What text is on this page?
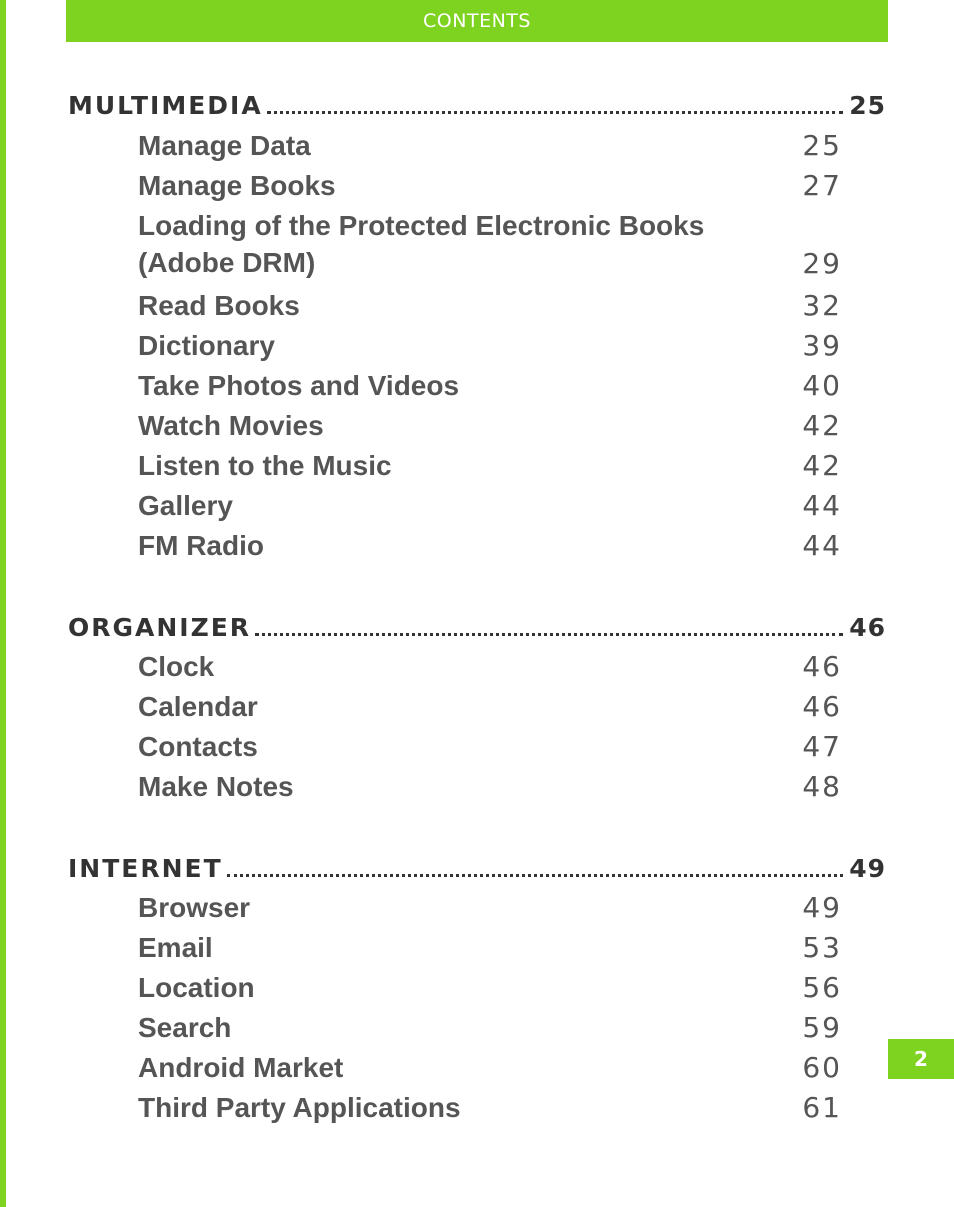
CONTENTS
MULTIMEDIA	25
Manage Data	25
Manage Books	27
Loading of the Protected Electronic Books (Adobe DRM)	29
Read Books	32
Dictionary	39
Take Photos and Videos	40
Watch Movies	42
Listen to the Music	42
Gallery	44
FM Radio	44
ORGANIZER	46
Clock	46
Calendar	46
Contacts	47
Make Notes	48
INTERNET	49
Browser	49
Email	53
Location	56
Search	59
Android Market	60
Third Party Applications	61
2
